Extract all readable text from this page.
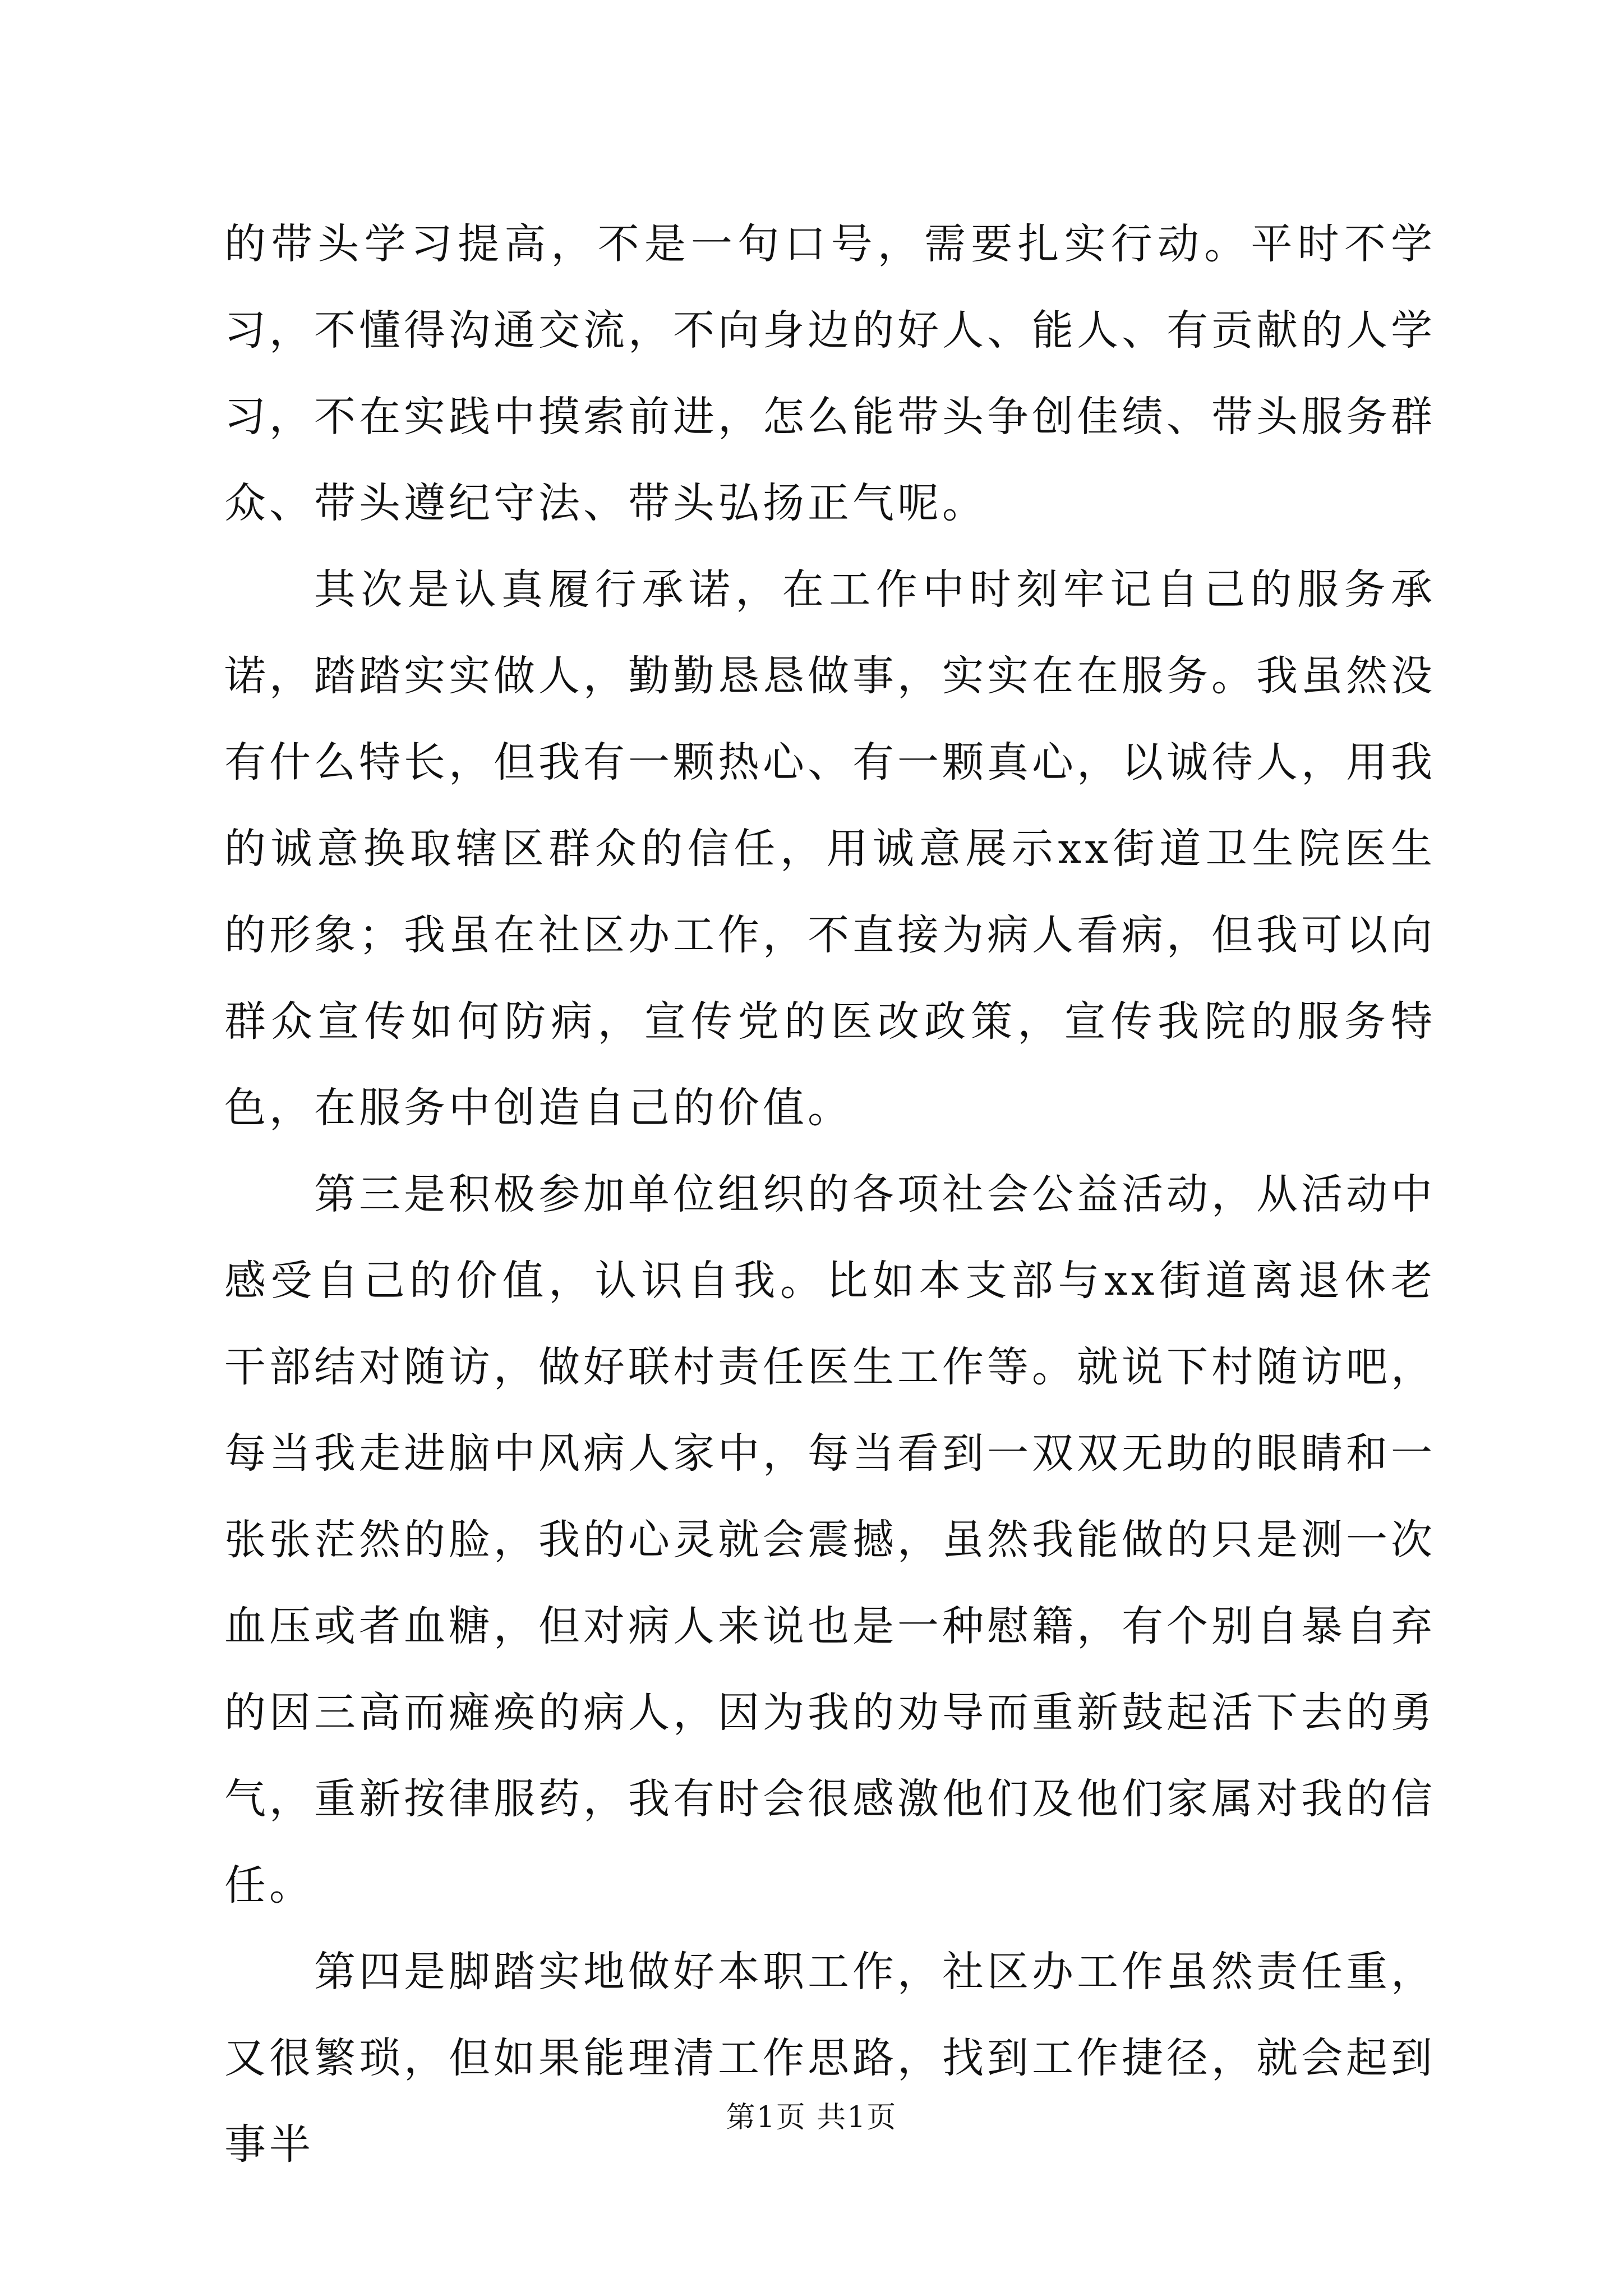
的带头学习提高，不是一句口号，需要扎实行动。平时不学习，不懂得沟通交流，不向身边的好人、能人、有贡献的人学习，不在实践中摸索前进，怎么能带头争创佳绩、带头服务群众、带头遵纪守法、带头弘扬正气呢。

其次是认真履行承诺，在工作中时刻牢记自己的服务承诺，踏踏实实做人，勤勤恳恳做事，实实在在服务。我虽然没有什么特长，但我有一颗热心、有一颗真心，以诚待人，用我的诚意换取辖区群众的信任，用诚意展示xx街道卫生院医生的形象；我虽在社区办工作，不直接为病人看病，但我可以向群众宣传如何防病，宣传党的医改政策，宣传我院的服务特色，在服务中创造自己的价值。

第三是积极参加单位组织的各项社会公益活动，从活动中感受自己的价值，认识自我。比如本支部与xx街道离退休老干部结对随访，做好联村责任医生工作等。就说下村随访吧，每当我走进脑中风病人家中，每当看到一双双无助的眼睛和一张张茫然的脸，我的心灵就会震撼，虽然我能做的只是测一次血压或者血糖，但对病人来说也是一种慰籍，有个别自暴自弃的因三高而瘫痪的病人，因为我的劝导而重新鼓起活下去的勇气，重新按律服药，我有时会很感激他们及他们家属对我的信任。

第四是脚踏实地做好本职工作，社区办工作虽然责任重，又很繁琐，但如果能理清工作思路，找到工作捷径，就会起到事半

第1页 共1页
